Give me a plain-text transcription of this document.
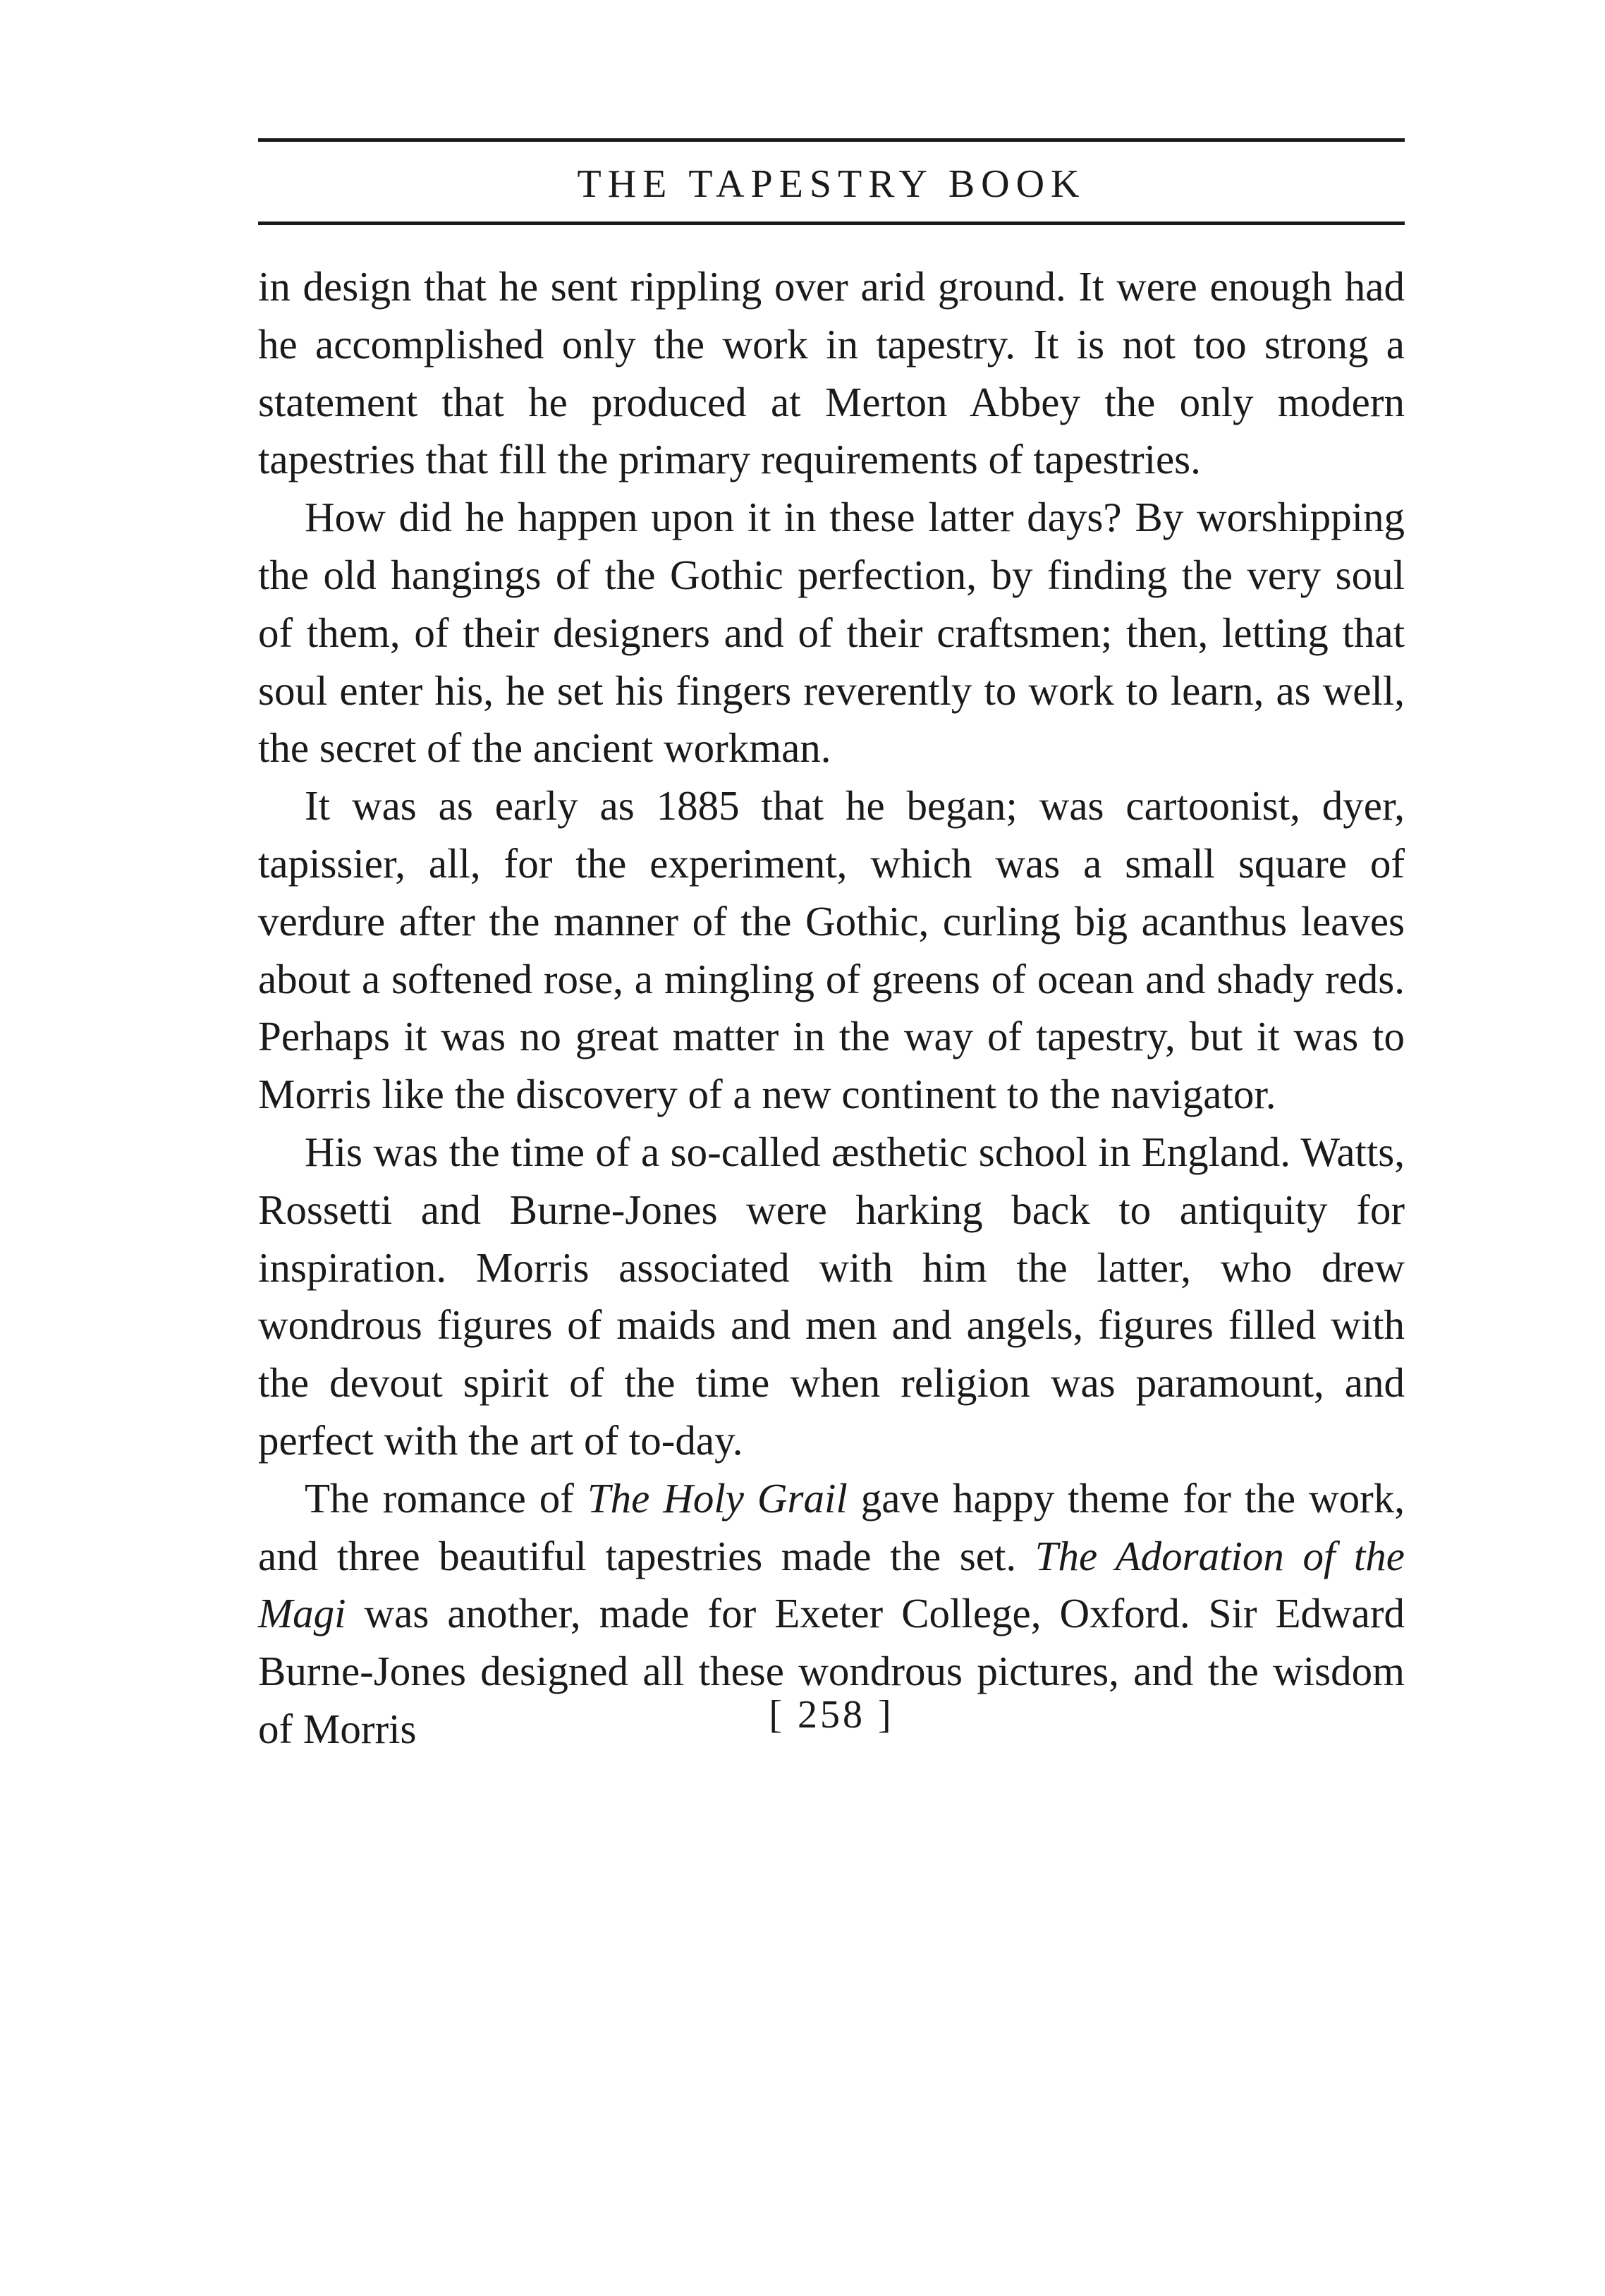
THE TAPESTRY BOOK

in design that he sent rippling over arid ground. It were enough had he accomplished only the work in tapestry. It is not too strong a statement that he produced at Merton Abbey the only modern tapestries that fill the primary requirements of tapestries.

How did he happen upon it in these latter days? By worshipping the old hangings of the Gothic perfection, by finding the very soul of them, of their designers and of their craftsmen; then, letting that soul enter his, he set his fingers reverently to work to learn, as well, the secret of the ancient workman.

It was as early as 1885 that he began; was cartoonist, dyer, tapissier, all, for the experiment, which was a small square of verdure after the manner of the Gothic, curling big acanthus leaves about a softened rose, a mingling of greens of ocean and shady reds. Perhaps it was no great matter in the way of tapestry, but it was to Morris like the discovery of a new continent to the navigator.

His was the time of a so-called æsthetic school in England. Watts, Rossetti and Burne-Jones were harking back to antiquity for inspiration. Morris associated with him the latter, who drew wondrous figures of maids and men and angels, figures filled with the devout spirit of the time when religion was paramount, and perfect with the art of to-day.

The romance of The Holy Grail gave happy theme for the work, and three beautiful tapestries made the set. The Adoration of the Magi was another, made for Exeter College, Oxford. Sir Edward Burne-Jones designed all these wondrous pictures, and the wisdom of Morris	[ 258 ]
